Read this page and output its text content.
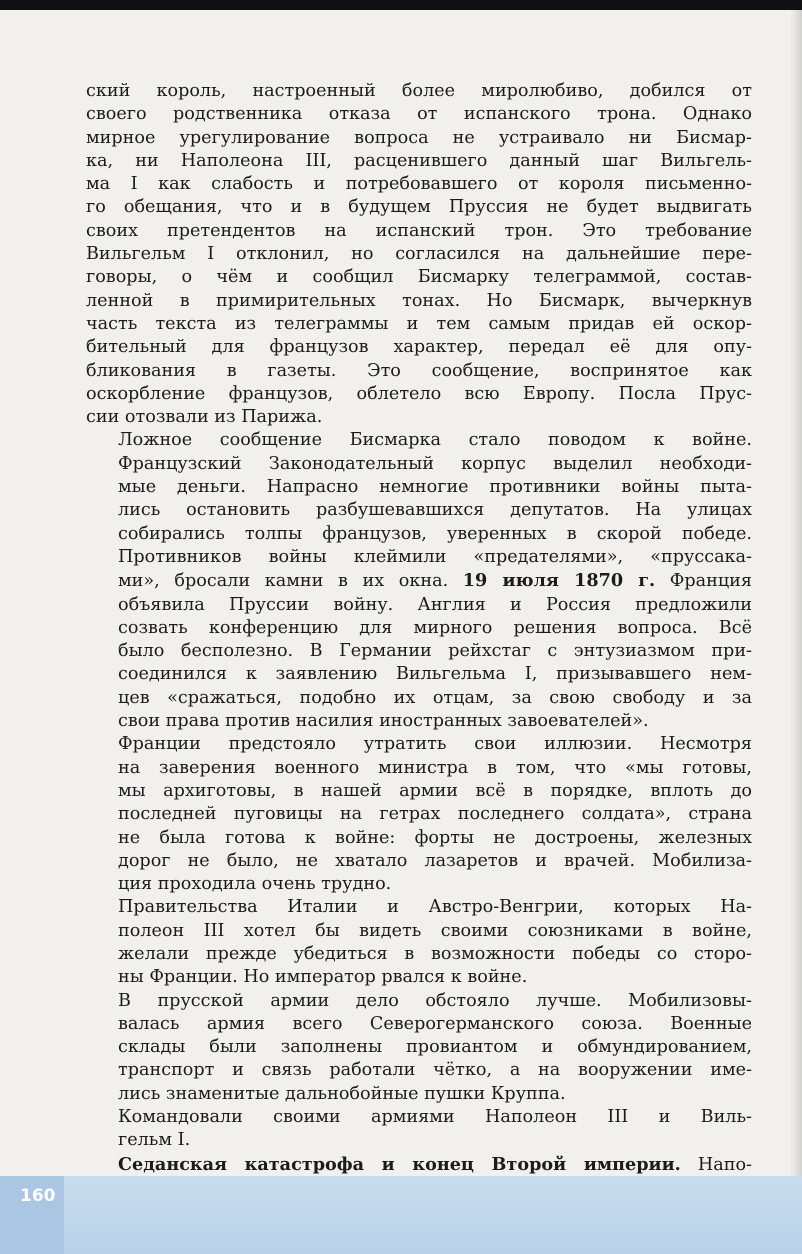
ский король, настроенный более миролюбиво, добился от
своего родственника отказа от испанского трона. Однако
мирное урегулирование вопроса не устраивало ни Бисмар-
ка, ни Наполеона III, расценившего данный шаг Вильгель-
ма I как слабость и потребовавшего от короля письменно-
го обещания, что и в будущем Пруссия не будет выдвигать
своих претендентов на испанский трон. Это требование
Вильгельм I отклонил, но согласился на дальнейшие пере-
говоры, о чём и сообщил Бисмарку телеграммой, состав-
ленной в примирительных тонах. Но Бисмарк, вычеркнув
часть текста из телеграммы и тем самым придав ей оскор-
бительный для французов характер, передал её для опу-
бликования в газеты. Это сообщение, воспринятое как
оскорбление французов, облетело всю Европу. Посла Прус-
сии отозвали из Парижа.

Ложное сообщение Бисмарка стало поводом к войне.
Французский Законодательный корпус выделил необходи-
мые деньги. Напрасно немногие противники войны пыта-
лись остановить разбушевавшихся депутатов. На улицах
собирались толпы французов, уверенных в скорой победе.
Противников войны клеймили «предателями», «пруссака-
ми», бросали камни в их окна. 19 июля 1870 г. Франция
объявила Пруссии войну. Англия и Россия предложили
созвать конференцию для мирного решения вопроса. Всё
было бесполезно. В Германии рейхстаг с энтузиазмом при-
соединился к заявлению Вильгельма I, призывавшего нем-
цев «сражаться, подобно их отцам, за свою свободу и за
свои права против насилия иностранных завоевателей».

Франции предстояло утратить свои иллюзии. Несмотря
на заверения военного министра в том, что «мы готовы,
мы архиготовы, в нашей армии всё в порядке, вплоть до
последней пуговицы на гетрах последнего солдата», страна
не была готова к войне: форты не достроены, железных
дорог не было, не хватало лазаретов и врачей. Мобилиза-
ция проходила очень трудно.

Правительства Италии и Австро-Венгрии, которых На-
полеон III хотел бы видеть своими союзниками в войне,
желали прежде убедиться в возможности победы со сторо-
ны Франции. Но император рвался к войне.

В прусской армии дело обстояло лучше. Мобилизовы-
валась армия всего Северогерманского союза. Военные
склады были заполнены провиантом и обмундированием,
транспорт и связь работали чётко, а на вооружении име-
лись знаменитые дальнобойные пушки Круппа.

Командовали своими армиями Наполеон III и Виль-
гельм I.

Седанская катастрофа и конец Второй империи. Напо-

160
